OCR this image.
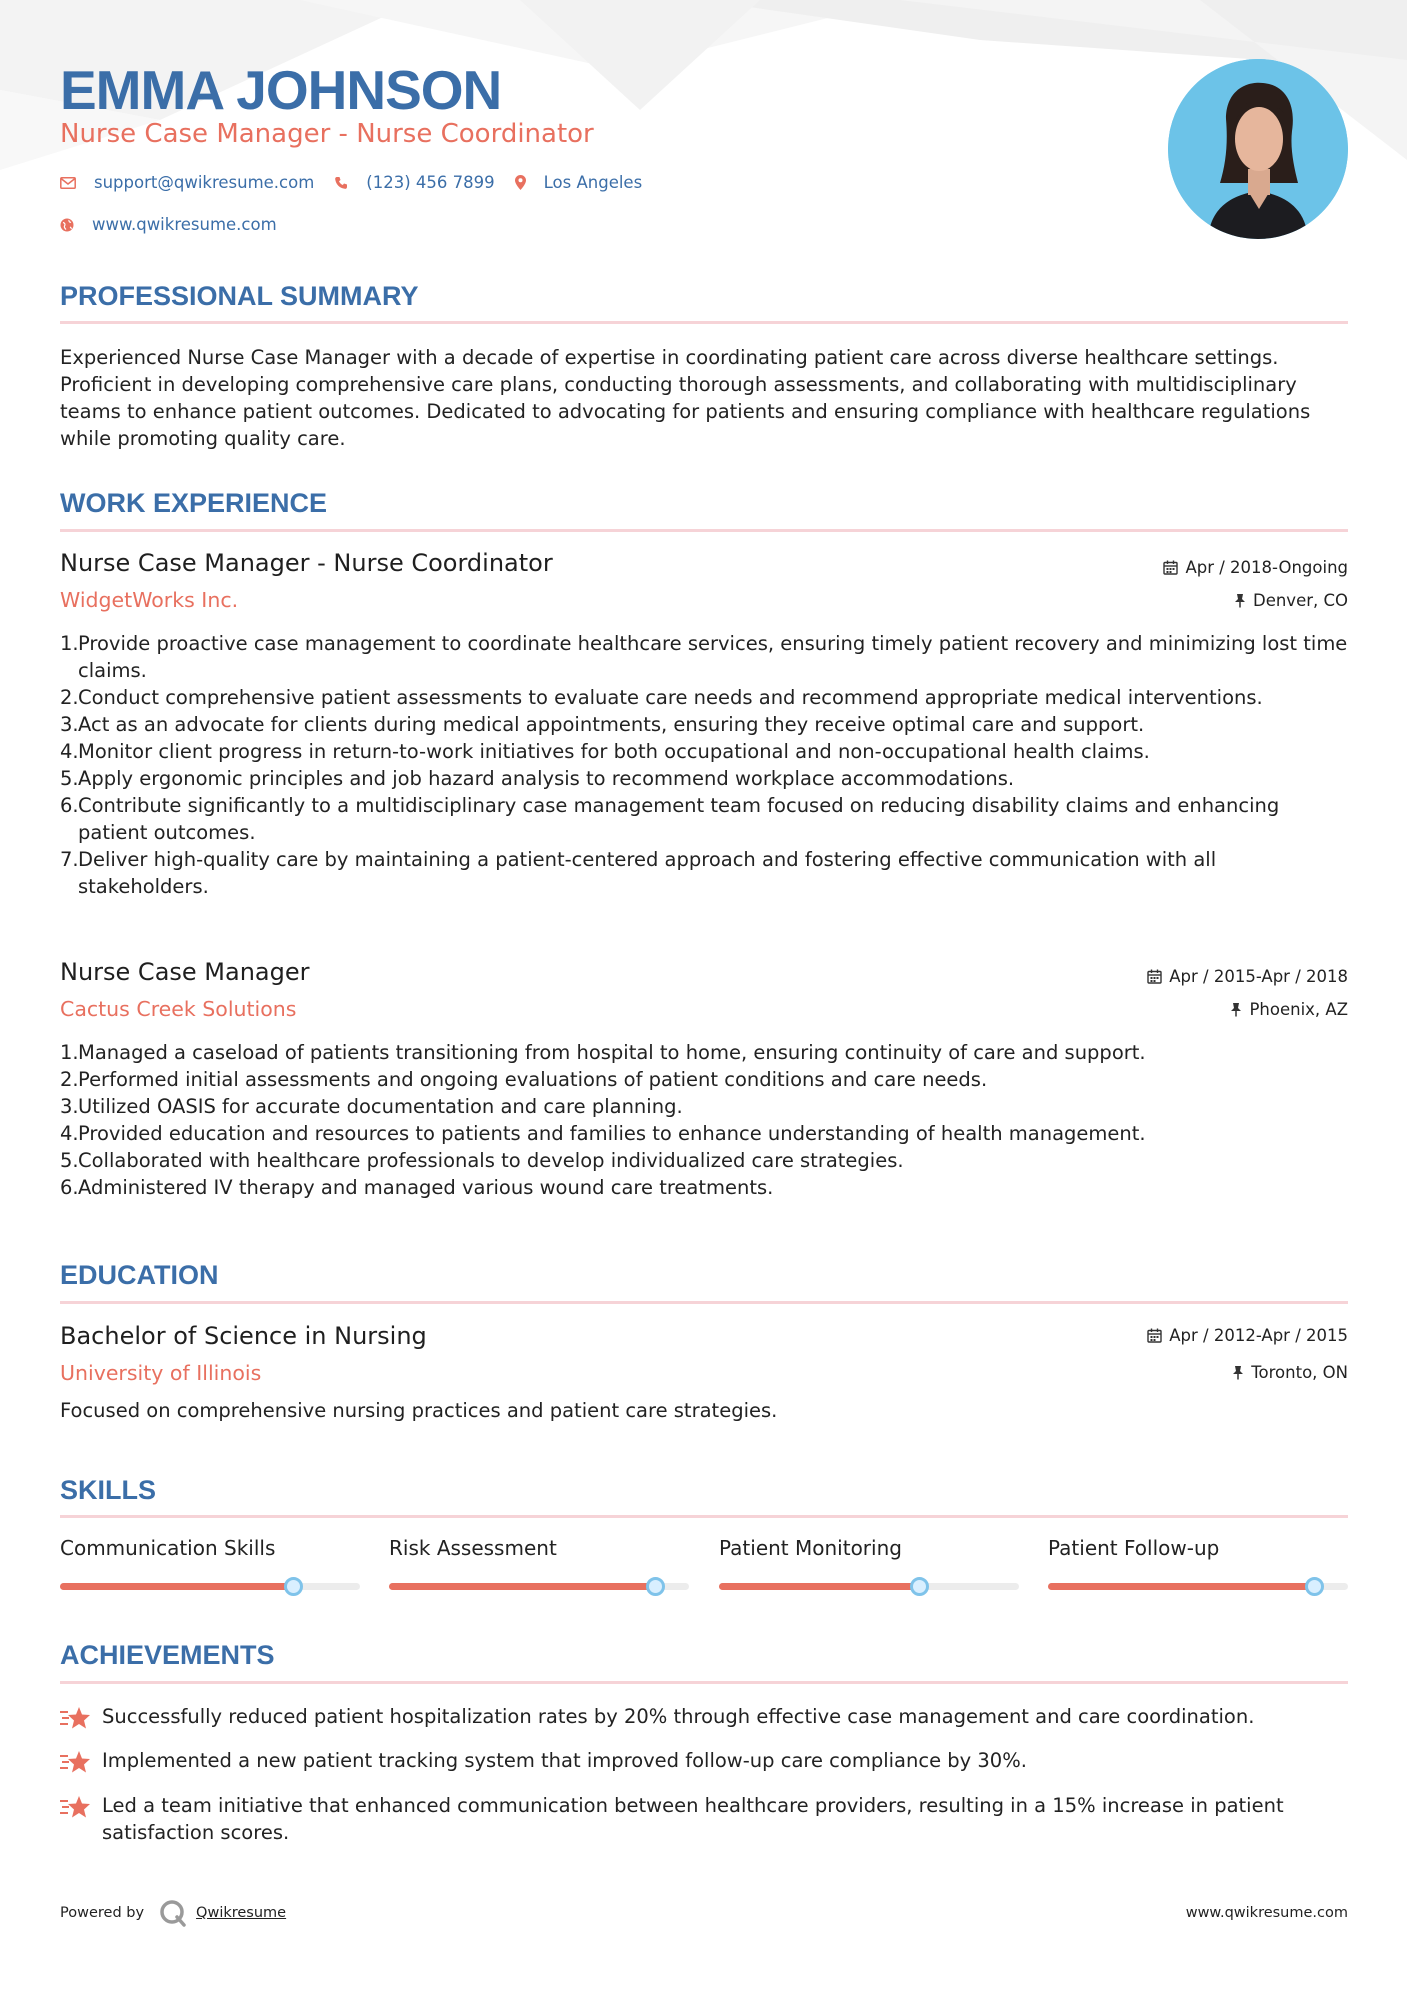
EMMA JOHNSON
Nurse Case Manager - Nurse Coordinator
support@qwikresume.com	(123) 456 7899	Los Angeles
www.qwikresume.com
PROFESSIONAL SUMMARY
Experienced Nurse Case Manager with a decade of expertise in coordinating patient care across diverse healthcare settings. Proficient in developing comprehensive care plans, conducting thorough assessments, and collaborating with multidisciplinary teams to enhance patient outcomes. Dedicated to advocating for patients and ensuring compliance with healthcare regulations while promoting quality care.
WORK EXPERIENCE
Nurse Case Manager - Nurse Coordinator
WidgetWorks Inc.
Apr / 2018-Ongoing
Denver, CO
1. Provide proactive case management to coordinate healthcare services, ensuring timely patient recovery and minimizing lost time claims.
2. Conduct comprehensive patient assessments to evaluate care needs and recommend appropriate medical interventions.
3. Act as an advocate for clients during medical appointments, ensuring they receive optimal care and support.
4. Monitor client progress in return-to-work initiatives for both occupational and non-occupational health claims.
5. Apply ergonomic principles and job hazard analysis to recommend workplace accommodations.
6. Contribute significantly to a multidisciplinary case management team focused on reducing disability claims and enhancing patient outcomes.
7. Deliver high-quality care by maintaining a patient-centered approach and fostering effective communication with all stakeholders.
Nurse Case Manager
Cactus Creek Solutions
Apr / 2015-Apr / 2018
Phoenix, AZ
1. Managed a caseload of patients transitioning from hospital to home, ensuring continuity of care and support.
2. Performed initial assessments and ongoing evaluations of patient conditions and care needs.
3. Utilized OASIS for accurate documentation and care planning.
4. Provided education and resources to patients and families to enhance understanding of health management.
5. Collaborated with healthcare professionals to develop individualized care strategies.
6. Administered IV therapy and managed various wound care treatments.
EDUCATION
Bachelor of Science in Nursing
University of Illinois
Apr / 2012-Apr / 2015
Toronto, ON
Focused on comprehensive nursing practices and patient care strategies.
SKILLS
Communication Skills	Risk Assessment	Patient Monitoring	Patient Follow-up
ACHIEVEMENTS
Successfully reduced patient hospitalization rates by 20% through effective case management and care coordination.
Implemented a new patient tracking system that improved follow-up care compliance by 30%.
Led a team initiative that enhanced communication between healthcare providers, resulting in a 15% increase in patient satisfaction scores.
Powered by	Qwikresume	www.qwikresume.com
